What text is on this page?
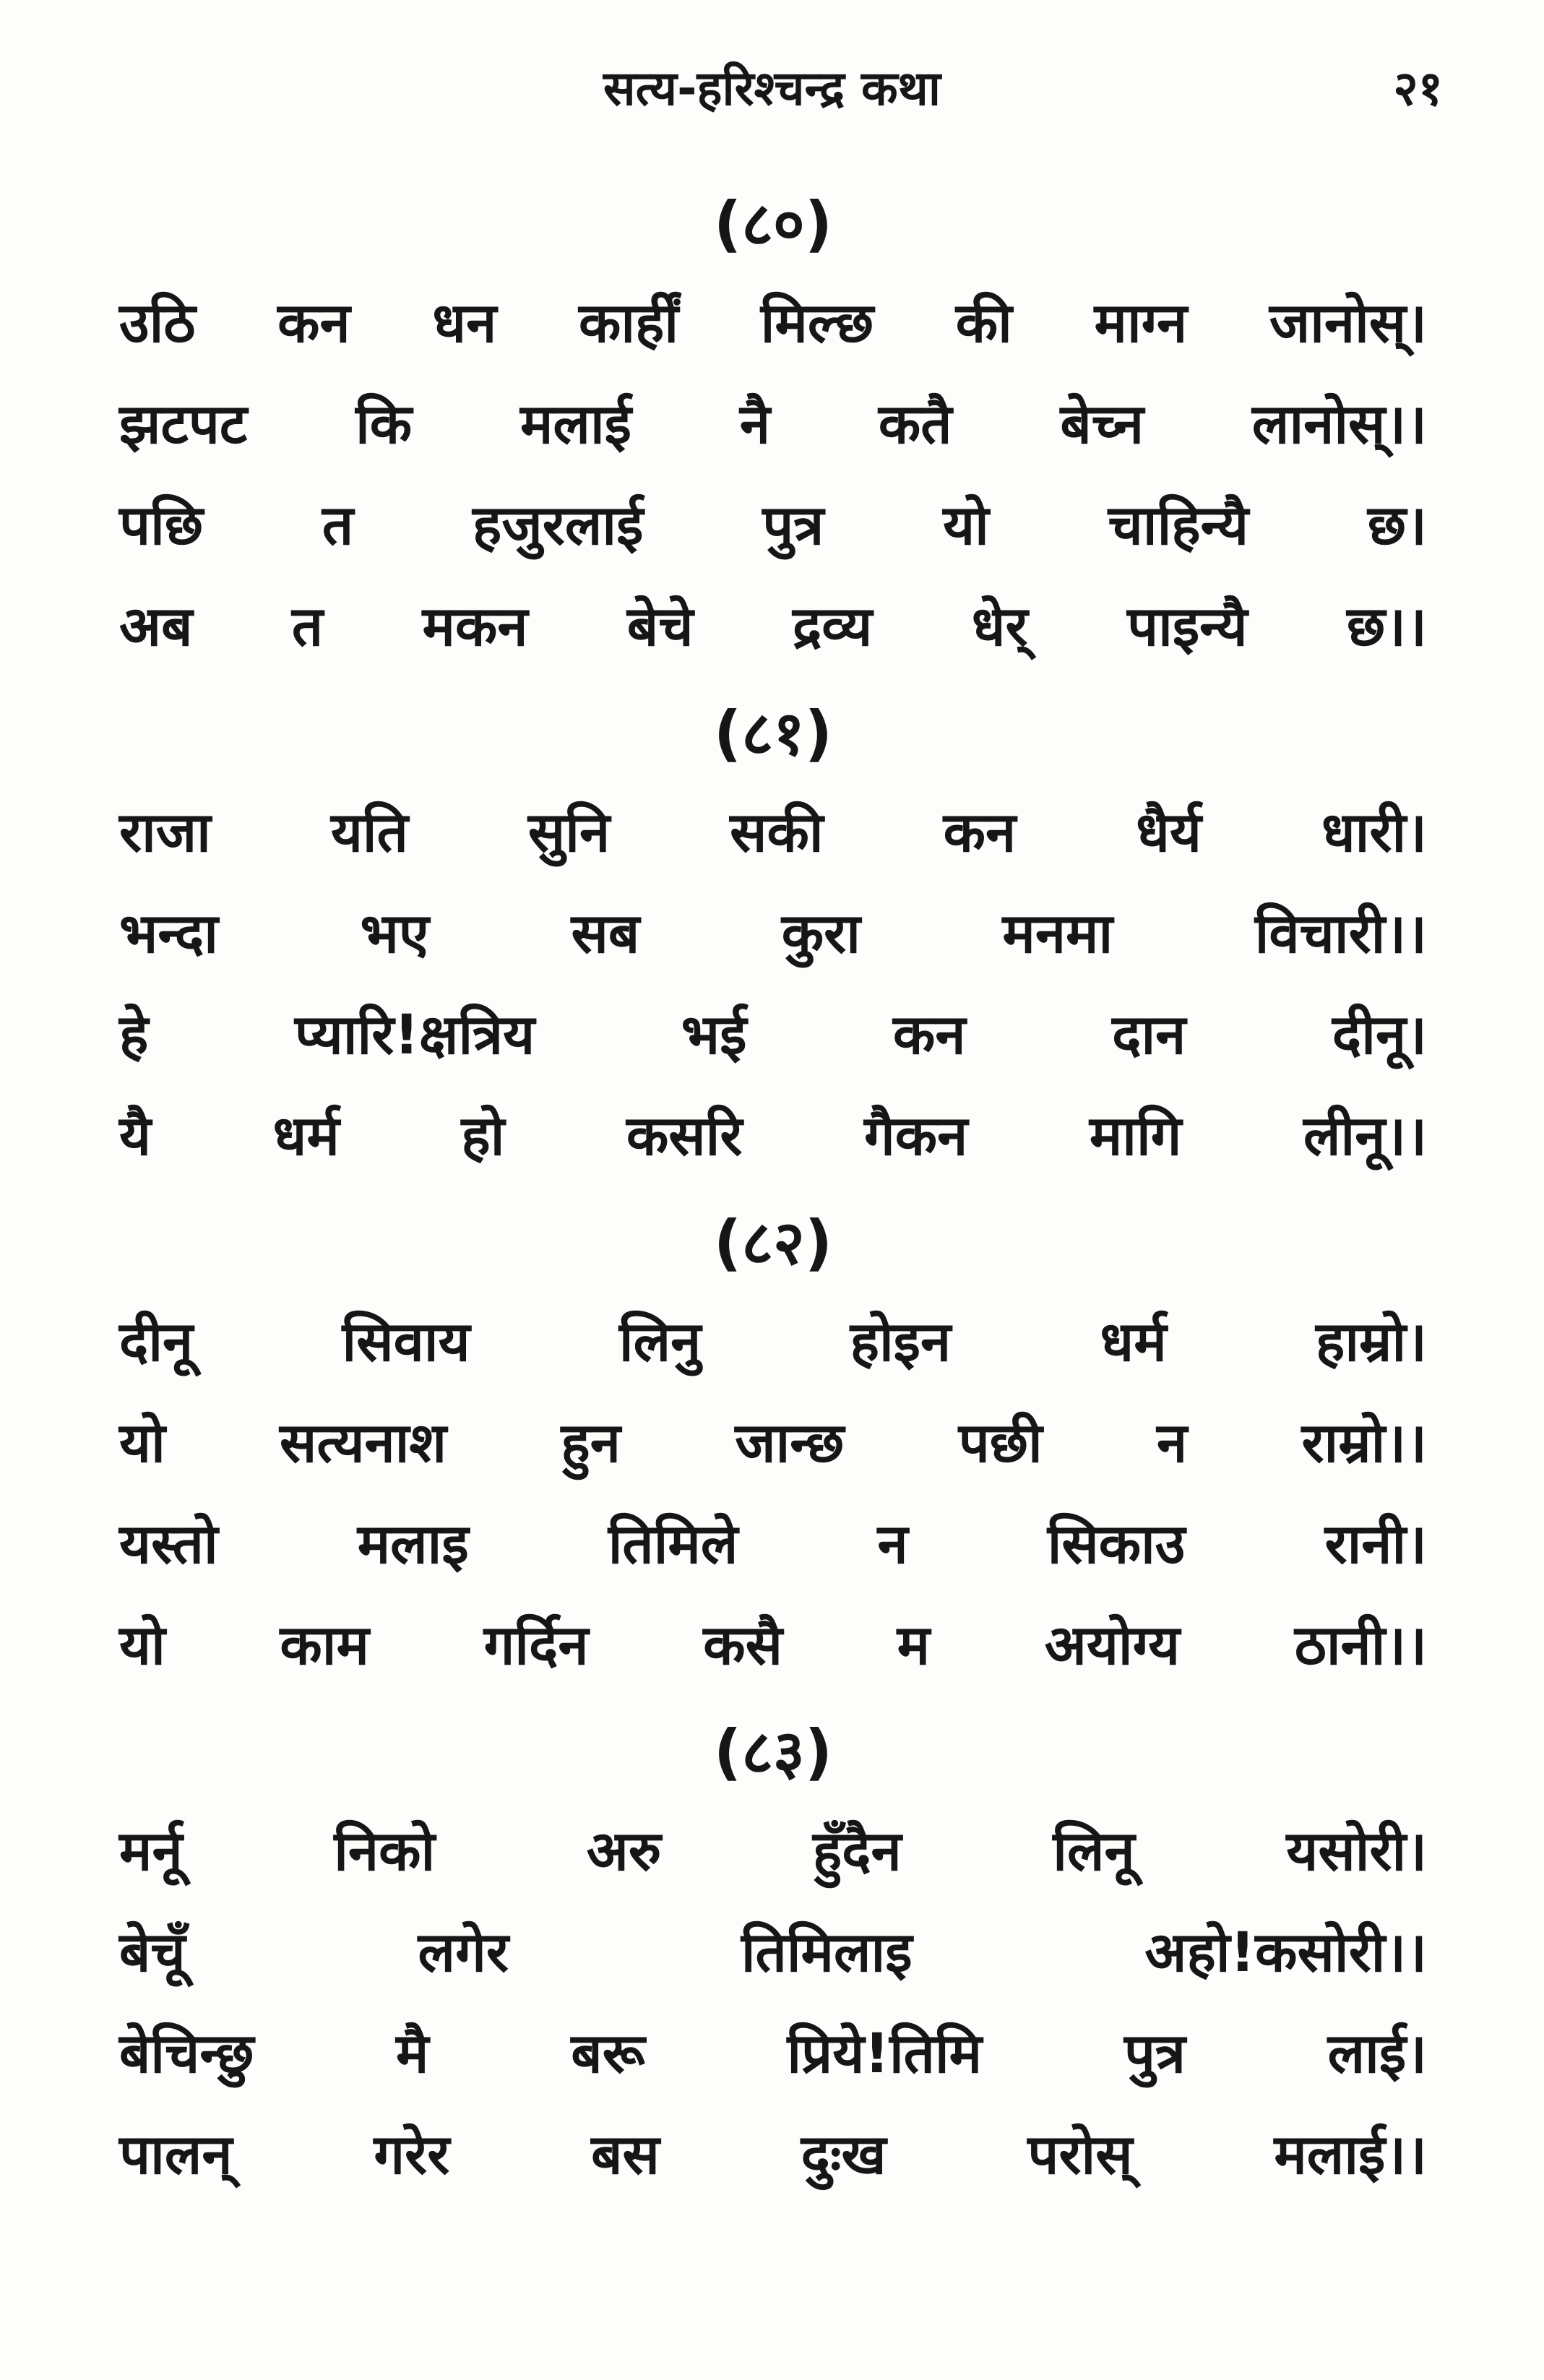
सत्य-हरिश्चन्द्र कथा	२१
(८०)
उठि कन धन कार्हीं मिल्छ की माग्न जानोस्।
झटपट कि मलाई नै कतै बेच्न लानोस्।।
पछि त हजुरलाई पुत्र यो चाहिन्यै छ।
अब त मकन बेचे द्रव्य धेर् पाइन्यै छ।।
(८१)
राजा यति सुनि सकी कन धैर्य धारी।
भन्दा	भए	सब	कुरा	मनमा	विचारी।।
हे	प्यारि!क्षत्रिय	भई	कन	दान	दीनू।
यै धर्म हो कसरि गैकन मागि लीनू।।
(८२)
दीनू	सिवाय	लिनु	होइन	धर्म	हाम्रो।
यो सत्यनाश हुन जान्छ पछी न राम्रो।।
यस्तो	मलाइ	तिमिले	न	सिकाउ	रानी।
यो काम गर्दिन कसै म अयोग्य ठानी।।
(८३)
मर्नू	निको	अरु	हुँदैन	लिनू	यसोरी।
बेचूँ	लगेर	तिमिलाइ	अहो!कसोरी।।
बेचिन्छु	मै	बरू	प्रिये!तिमि	पुत्र	लाई।
पालन्	गरेर	बस	दुःख	परोस्	मलाई।।
